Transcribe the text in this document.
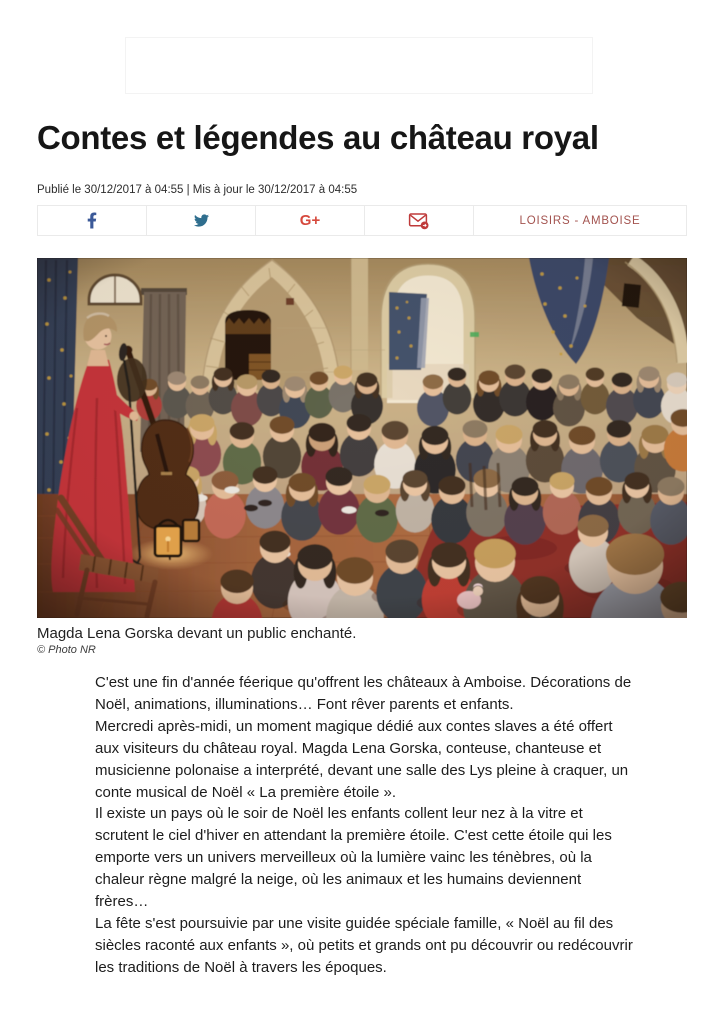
Contes et légendes au château royal
Publié le 30/12/2017 à 04:55 | Mis à jour le 30/12/2017 à 04:55
G+	LOISIRS - AMBOISE
Magda Lena Gorska devant un public enchanté.
© Photo NR

C'est une fin d'année féerique qu'offrent les châteaux à Amboise. Décorations de Noël, animations, illuminations… Font rêver parents et enfants.

Mercredi après-midi, un moment magique dédié aux contes slaves a été offert aux visiteurs du château royal. Magda Lena Gorska, conteuse, chanteuse et musicienne polonaise a interprété, devant une salle des Lys pleine à craquer, un conte musical de Noël « La première étoile ».

Il existe un pays où le soir de Noël les enfants collent leur nez à la vitre et scrutent le ciel d'hiver en attendant la première étoile. C'est cette étoile qui les emporte vers un univers merveilleux où la lumière vainc les ténèbres, où la chaleur règne malgré la neige, où les animaux et les humains deviennent frères…

La fête s'est poursuivie par une visite guidée spéciale famille, « Noël au fil des siècles raconté aux enfants », où petits et grands ont pu découvrir ou redécouvrir les traditions de Noël à travers les époques.
